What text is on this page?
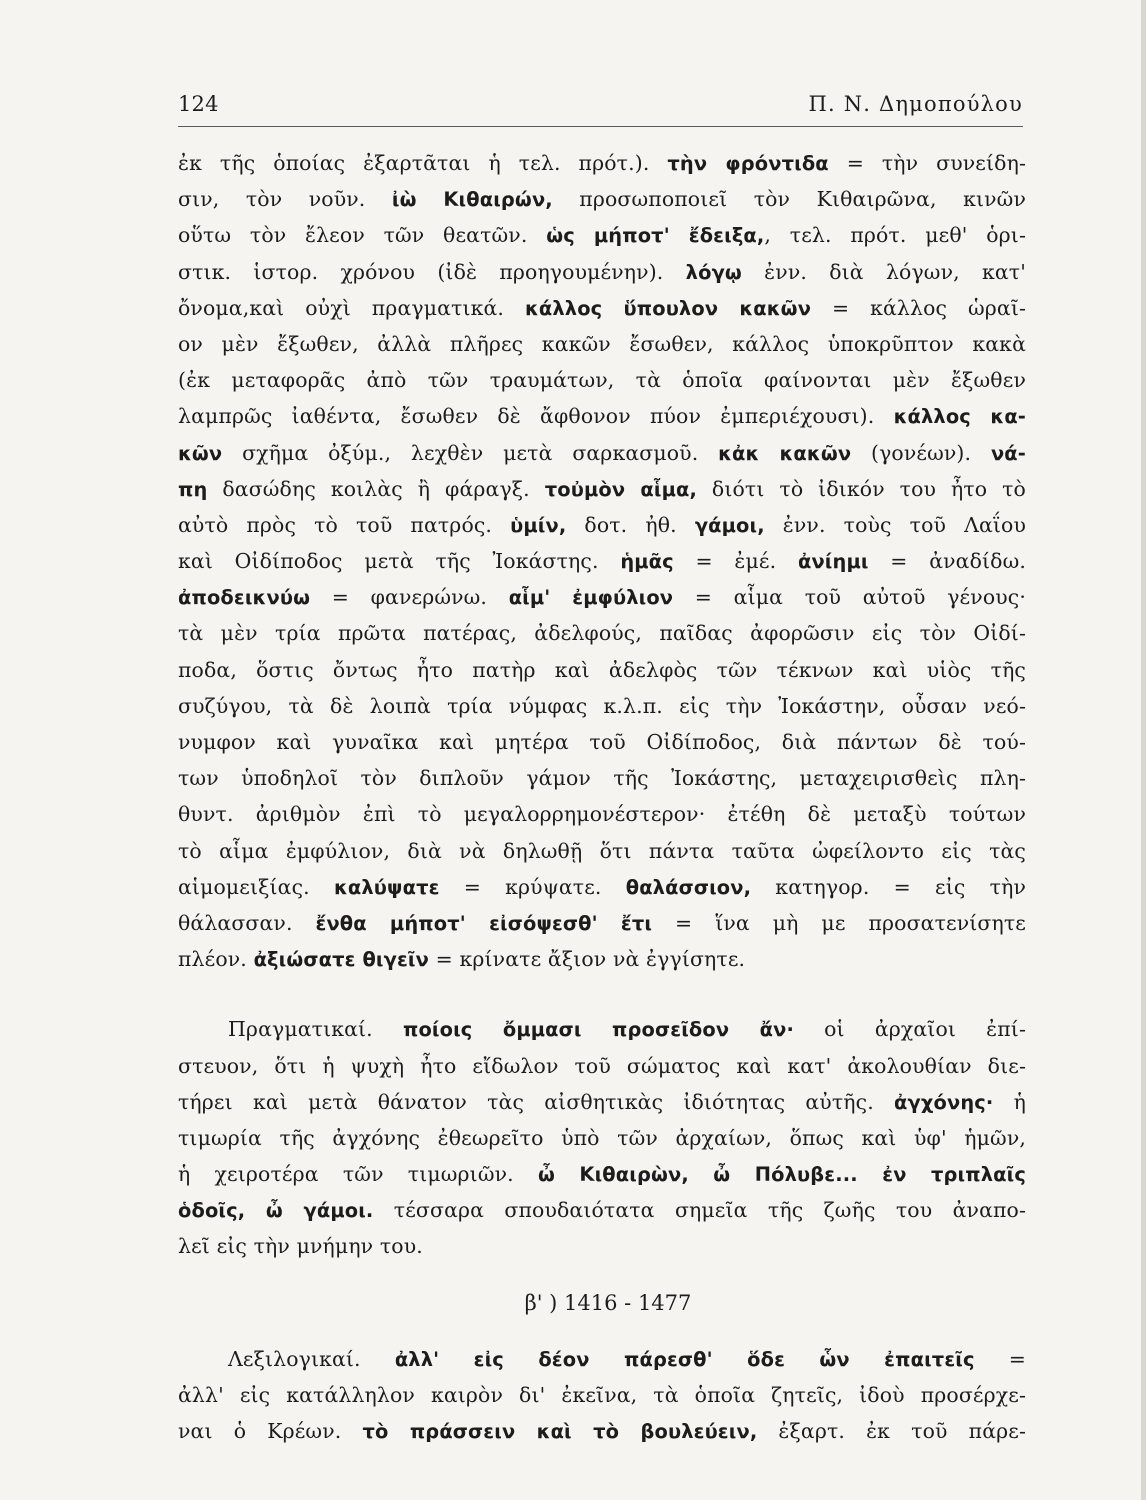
124	Π. Ν. Δημοπούλου
ἐκ τῆς ὁποίας ἐξαρτᾶται ἡ τελ. πρότ.). τὴν φρόντιδα = τὴν συνείδη-
σιν, τὸν νοῦν. ἰὼ Κιθαιρών, προσωποποιεῖ τὸν Κιθαιρῶνα, κινῶν
οὕτω τὸν ἔλεον τῶν θεατῶν. ὡς μήποτ' ἔδειξα,, τελ. πρότ. μεθ' ὁρι-
στικ. ἱστορ. χρόνου (ἰδὲ προηγουμένην). λόγῳ ἐνν. διὰ λόγων, κατ'
ὄνομα,καὶ οὐχὶ πραγματικά. κάλλος ὕπουλον κακῶν = κάλλος ὡραῖ-
ον μὲν ἔξωθεν, ἀλλὰ πλῆρες κακῶν ἔσωθεν, κάλλος ὑποκρῦπτον κακὰ
(ἐκ μεταφορᾶς ἀπὸ τῶν τραυμάτων, τὰ ὁποῖα φαίνονται μὲν ἔξωθεν
λαμπρῶς ἰαθέντα, ἔσωθεν δὲ ἄφθονον πύον ἐμπεριέχουσι). κάλλος κα-
κῶν σχῆμα ὀξύμ., λεχθὲν μετὰ σαρκασμοῦ. κἀκ κακῶν (γονέων). νά-
πη δασώδης κοιλὰς ἢ φάραγξ. τοὐμὸν αἷμα, διότι τὸ ἰδικόν του ἦτο τὸ
αὐτὸ πρὸς τὸ τοῦ πατρός. ὑμίν, δοτ. ἠθ. γάμοι, ἐνν. τοὺς τοῦ Λαΐου
καὶ Οἰδίποδος μετὰ τῆς Ἰοκάστης. ἡμᾶς = ἐμέ. ἀνίημι = ἀναδίδω.
ἀποδεικνύω = φανερώνω. αἷμ' ἐμφύλιον = αἷμα τοῦ αὐτοῦ γένους·
τὰ μὲν τρία πρῶτα πατέρας, ἀδελφούς, παῖδας ἀφορῶσιν εἰς τὸν Οἰδί-
ποδα, ὅστις ὄντως ἦτο πατὴρ καὶ ἀδελφὸς τῶν τέκνων καὶ υἱὸς τῆς
συζύγου, τὰ δὲ λοιπὰ τρία νύμφας κ.λ.π. εἰς τὴν Ἰοκάστην, οὖσαν νεό-
νυμφον καὶ γυναῖκα καὶ μητέρα τοῦ Οἰδίποδος, διὰ πάντων δὲ τού-
των ὑποδηλοῖ τὸν διπλοῦν γάμον τῆς Ἰοκάστης, μεταχειρισθεὶς πλη-
θυντ. ἀριθμὸν ἐπὶ τὸ μεγαλορρημονέστερον· ἐτέθη δὲ μεταξὺ τούτων
τὸ αἷμα ἐμφύλιον, διὰ νὰ δηλωθῇ ὅτι πάντα ταῦτα ὠφείλοντο εἰς τὰς
αἱμομειξίας. καλύψατε = κρύψατε. θαλάσσιον, κατηγορ. = εἰς τὴν
θάλασσαν. ἔνθα μήποτ' εἰσόψεσθ' ἔτι = ἵνα μὴ με προσατενίσητε
πλέον. ἀξιώσατε θιγεῖν = κρίνατε ἄξιον νὰ ἐγγίσητε.
Πραγματικαί. ποίοις ὄμμασι προσεῖδον ἄν· οἱ ἀρχαῖοι ἐπί-
στευον, ὅτι ἡ ψυχὴ ἦτο εἴδωλον τοῦ σώματος καὶ κατ' ἀκολουθίαν διε-
τήρει καὶ μετὰ θάνατον τὰς αἰσθητικὰς ἰδιότητας αὐτῆς. ἀγχόνης· ἡ
τιμωρία τῆς ἀγχόνης ἐθεωρεῖτο ὑπὸ τῶν ἀρχαίων, ὅπως καὶ ὑφ' ἡμῶν,
ἡ χειροτέρα τῶν τιμωριῶν. ὦ Κιθαιρὼν, ὦ Πόλυβε... ἐν τριπλαῖς
ὁδοῖς, ὦ γάμοι. τέσσαρα σπουδαιότατα σημεῖα τῆς ζωῆς του ἀναπο-
λεῖ εἰς τὴν μνήμην του.
β' ) 1416 - 1477
Λεξιλογικαί. ἀλλ' εἰς δέον πάρεσθ' ὅδε ὧν ἐπαιτεῖς =
ἀλλ' εἰς κατάλληλον καιρὸν δι' ἐκεῖνα, τὰ ὁποῖα ζητεῖς, ἰδοὺ προσέρχε-
ναι ὁ Κρέων. τὸ πράσσειν καὶ τὸ βουλεύειν, ἐξαρτ. ἐκ τοῦ πάρε-
